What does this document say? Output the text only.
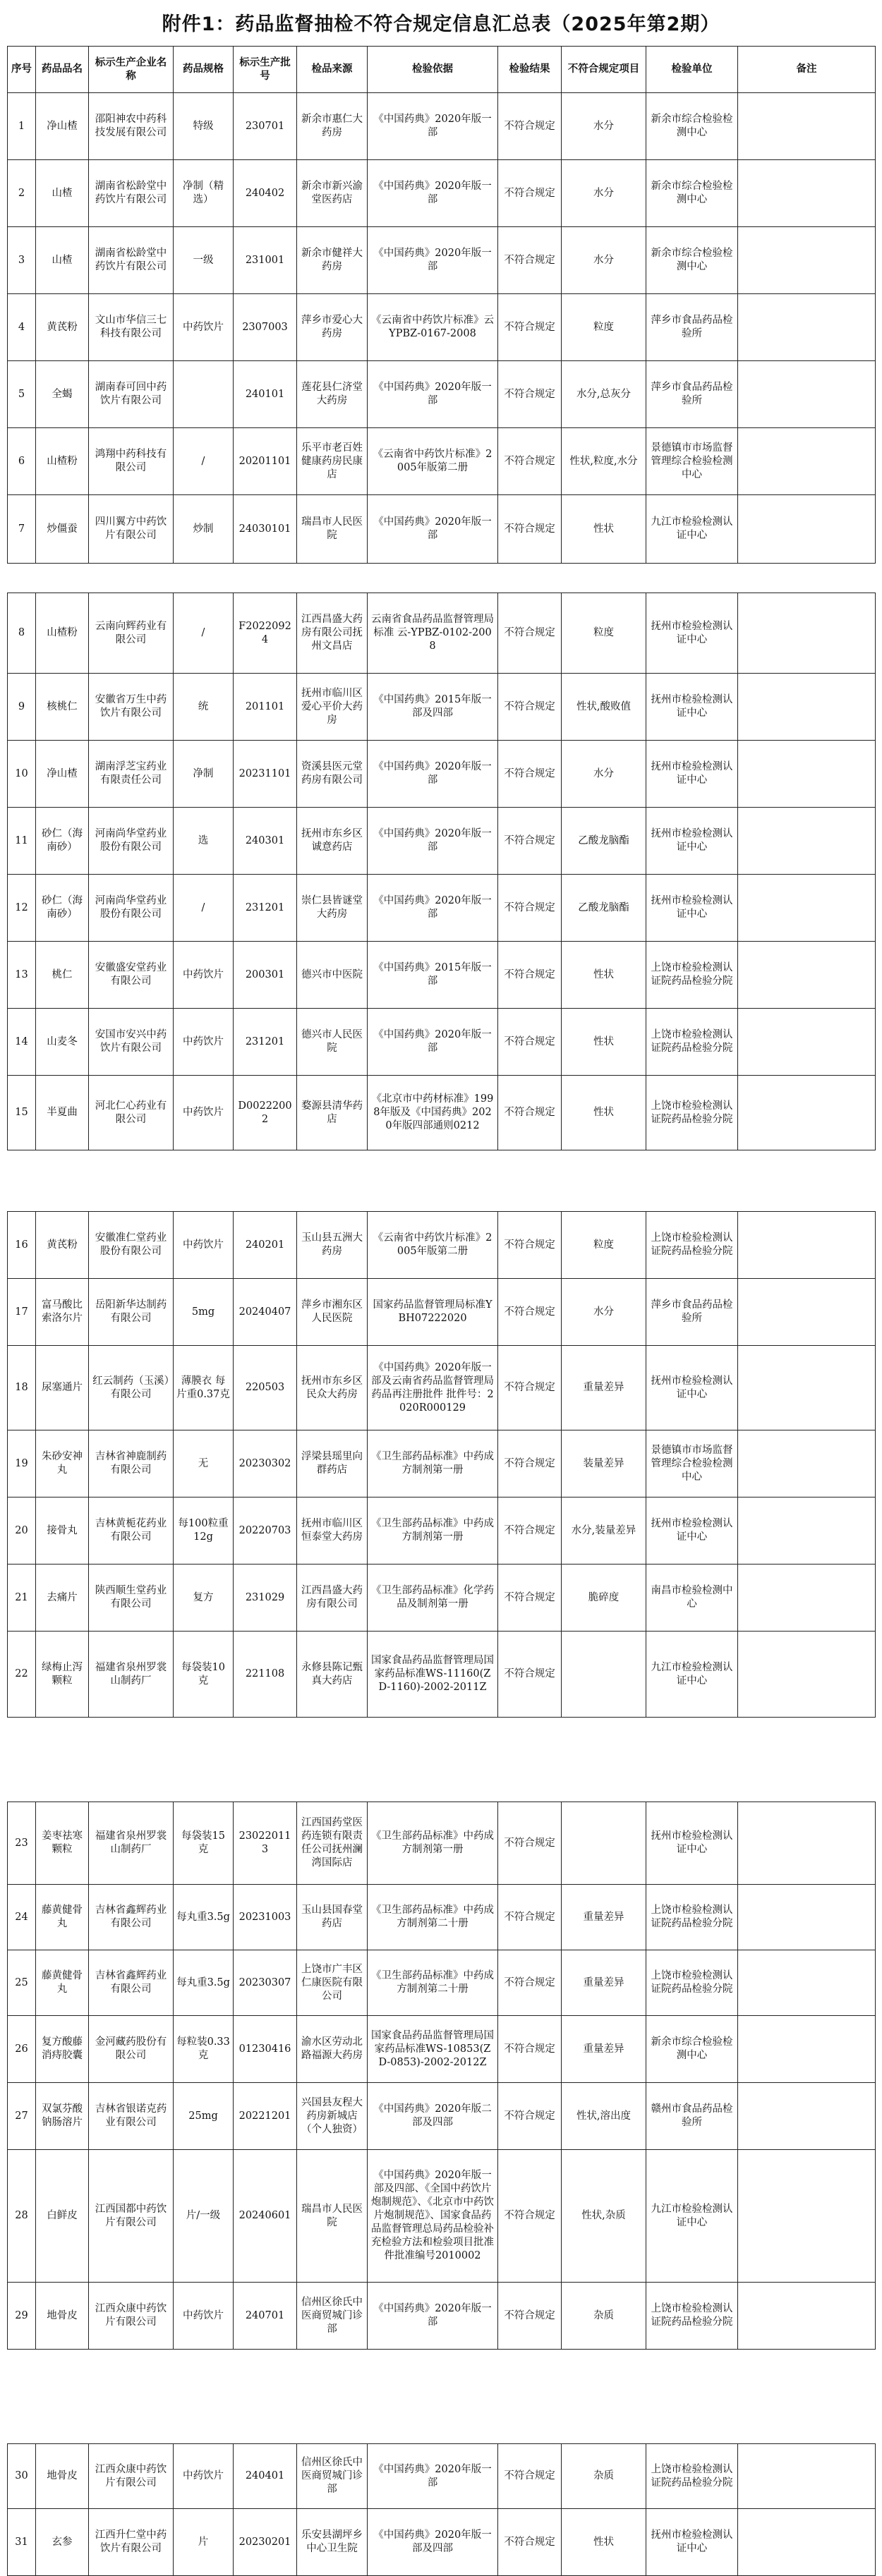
附件1：药品监督抽检不符合规定信息汇总表（2025年第2期）
序号	药品品名	标示生产企业名称	药品规格	标示生产批号	检品来源	检验依据	检验结果	不符合规定项目	检验单位	备注
1	净山楂	邵阳神农中药科技发展有限公司	特级	230701	新余市惠仁大药房	《中国药典》2020年版一部	不符合规定	水分	新余市综合检验检测中心	
2	山楂	湖南省松龄堂中药饮片有限公司	净制（精选）	240402	新余市新兴渝堂医药店	《中国药典》2020年版一部	不符合规定	水分	新余市综合检验检测中心	
3	山楂	湖南省松龄堂中药饮片有限公司	一级	231001	新余市健祥大药房	《中国药典》2020年版一部	不符合规定	水分	新余市综合检验检测中心	
4	黄芪粉	文山市华信三七科技有限公司	中药饮片	2307003	萍乡市爱心大药房	《云南省中药饮片标准》云YPBZ-0167-2008	不符合规定	粒度	萍乡市食品药品检验所	
5	全蝎	湖南春可回中药饮片有限公司		240101	莲花县仁济堂大药房	《中国药典》2020年版一部	不符合规定	水分,总灰分	萍乡市食品药品检验所	
6	山楂粉	鸿翔中药科技有限公司	/	20201101	乐平市老百姓健康药房民康店	《云南省中药饮片标准》2005年版第二册	不符合规定	性状,粒度,水分	景德镇市市场监督管理综合检验检测中心	
7	炒僵蚕	四川翼方中药饮片有限公司	炒制	24030101	瑞昌市人民医院	《中国药典》2020年版一部	不符合规定	性状	九江市检验检测认证中心	
8	山楂粉	云南向辉药业有限公司	/	F20220924	江西昌盛大药房有限公司抚州文昌店	云南省食品药品监督管理局标准 云-YPBZ-0102-2008	不符合规定	粒度	抚州市检验检测认证中心	
9	核桃仁	安徽省万生中药饮片有限公司	统	201101	抚州市临川区爱心平价大药房	《中国药典》2015年版一部及四部	不符合规定	性状,酸败值	抚州市检验检测认证中心	
10	净山楂	湖南浮芝宝药业有限责任公司	净制	20231101	资溪县医元堂药房有限公司	《中国药典》2020年版一部	不符合规定	水分	抚州市检验检测认证中心	
11	砂仁（海南砂）	河南尚华堂药业股份有限公司	选	240301	抚州市东乡区诚意药店	《中国药典》2020年版一部	不符合规定	乙酸龙脑酯	抚州市检验检测认证中心	
12	砂仁（海南砂）	河南尚华堂药业股份有限公司	/	231201	崇仁县皆谜堂大药房	《中国药典》2020年版一部	不符合规定	乙酸龙脑酯	抚州市检验检测认证中心	
13	桃仁	安徽盛安堂药业有限公司	中药饮片	200301	德兴市中医院	《中国药典》2015年版一部	不符合规定	性状	上饶市检验检测认证院药品检验分院	
14	山麦冬	安国市安兴中药饮片有限公司	中药饮片	231201	德兴市人民医院	《中国药典》2020年版一部	不符合规定	性状	上饶市检验检测认证院药品检验分院	
15	半夏曲	河北仁心药业有限公司	中药饮片	D00222002	婺源县清华药店	《北京市中药材标准》1998年版及《中国药典》2020年版四部通则0212	不符合规定	性状	上饶市检验检测认证院药品检验分院	
16	黄芪粉	安徽准仁堂药业股份有限公司	中药饮片	240201	玉山县五洲大药房	《云南省中药饮片标准》2005年版第二册	不符合规定	粒度	上饶市检验检测认证院药品检验分院	
17	富马酸比索洛尔片	岳阳新华达制药有限公司	5mg	20240407	萍乡市湘东区人民医院	国家药品监督管理局标准YBH07222020	不符合规定	水分	萍乡市食品药品检验所	
18	尿塞通片	红云制药（玉溪）有限公司	薄膜衣 每片重0.37克	220503	抚州市东乡区民众大药房	《中国药典》2020年版一部及云南省药品监督管理局药品再注册批件 批件号：2020R000129	不符合规定	重量差异	抚州市检验检测认证中心	
19	朱砂安神丸	吉林省神鹿制药有限公司	无	20230302	浮梁县瑶里向群药店	《卫生部药品标准》中药成方制剂第一册	不符合规定	装量差异	景德镇市市场监督管理综合检验检测中心	
20	接骨丸	吉林黄栀花药业有限公司	每100粒重12g	20220703	抚州市临川区恒泰堂大药房	《卫生部药品标准》中药成方制剂第一册	不符合规定	水分,装量差异	抚州市检验检测认证中心	
21	去痛片	陕西顺生堂药业有限公司	复方	231029	江西昌盛大药房有限公司	《卫生部药品标准》化学药品及制剂第一册	不符合规定	脆碎度	南昌市检验检测中心	
22	绿梅止泻颗粒	福建省泉州罗裳山制药厂	每袋装10克	221108	永修县陈记甄真大药店	国家食品药品监督管理局国家药品标准WS-11160(ZD-1160)-2002-2011Z	不符合规定		九江市检验检测认证中心	
23	姜枣祛寒颗粒	福建省泉州罗裳山制药厂	每袋装15克	230220113	江西国药堂医药连锁有限责任公司抚州澜湾国际店	《卫生部药品标准》中药成方制剂第一册	不符合规定		抚州市检验检测认证中心	
24	藤黄健骨丸	吉林省鑫辉药业有限公司	每丸重3.5g	20231003	玉山县国春堂药店	《卫生部药品标准》中药成方制剂第二十册	不符合规定	重量差异	上饶市检验检测认证院药品检验分院	
25	藤黄健骨丸	吉林省鑫辉药业有限公司	每丸重3.5g	20230307	上饶市广丰区仁康医院有限公司	《卫生部药品标准》中药成方制剂第二十册	不符合规定	重量差异	上饶市检验检测认证院药品检验分院	
26	复方酸藤消痔胶囊	金河藏药股份有限公司	每粒装0.33克	01230416	渝水区劳动北路福源大药房	国家食品药品监督管理局国家药品标准WS-10853(ZD-0853)-2002-2012Z	不符合规定	重量差异	新余市综合检验检测中心	
27	双氯芬酸钠肠溶片	吉林省银诺克药业有限公司	25mg	20221201	兴国县友程大药房新城店（个人独资）	《中国药典》2020年版二部及四部	不符合规定	性状,溶出度	赣州市食品药品检验所	
28	白鲜皮	江西国都中药饮片有限公司	片/一级	20240601	瑞昌市人民医院	《中国药典》2020年版一部及四部、《全国中药饮片炮制规范》、《北京市中药饮片炮制规范》、国家食品药品监督管理总局药品检验补充检验方法和检验项目批准件批准编号2010002	不符合规定	性状,杂质	九江市检验检测认证中心	
29	地骨皮	江西众康中药饮片有限公司	中药饮片	240701	信州区徐氏中医商贸城门诊部	《中国药典》2020年版一部	不符合规定	杂质	上饶市检验检测认证院药品检验分院	
30	地骨皮	江西众康中药饮片有限公司	中药饮片	240401	信州区徐氏中医商贸城门诊部	《中国药典》2020年版一部	不符合规定	杂质	上饶市检验检测认证院药品检验分院	
31	玄参	江西升仁堂中药饮片有限公司	片	20230201	乐安县湖坪乡中心卫生院	《中国药典》2020年版一部及四部	不符合规定	性状	抚州市检验检测认证中心	
